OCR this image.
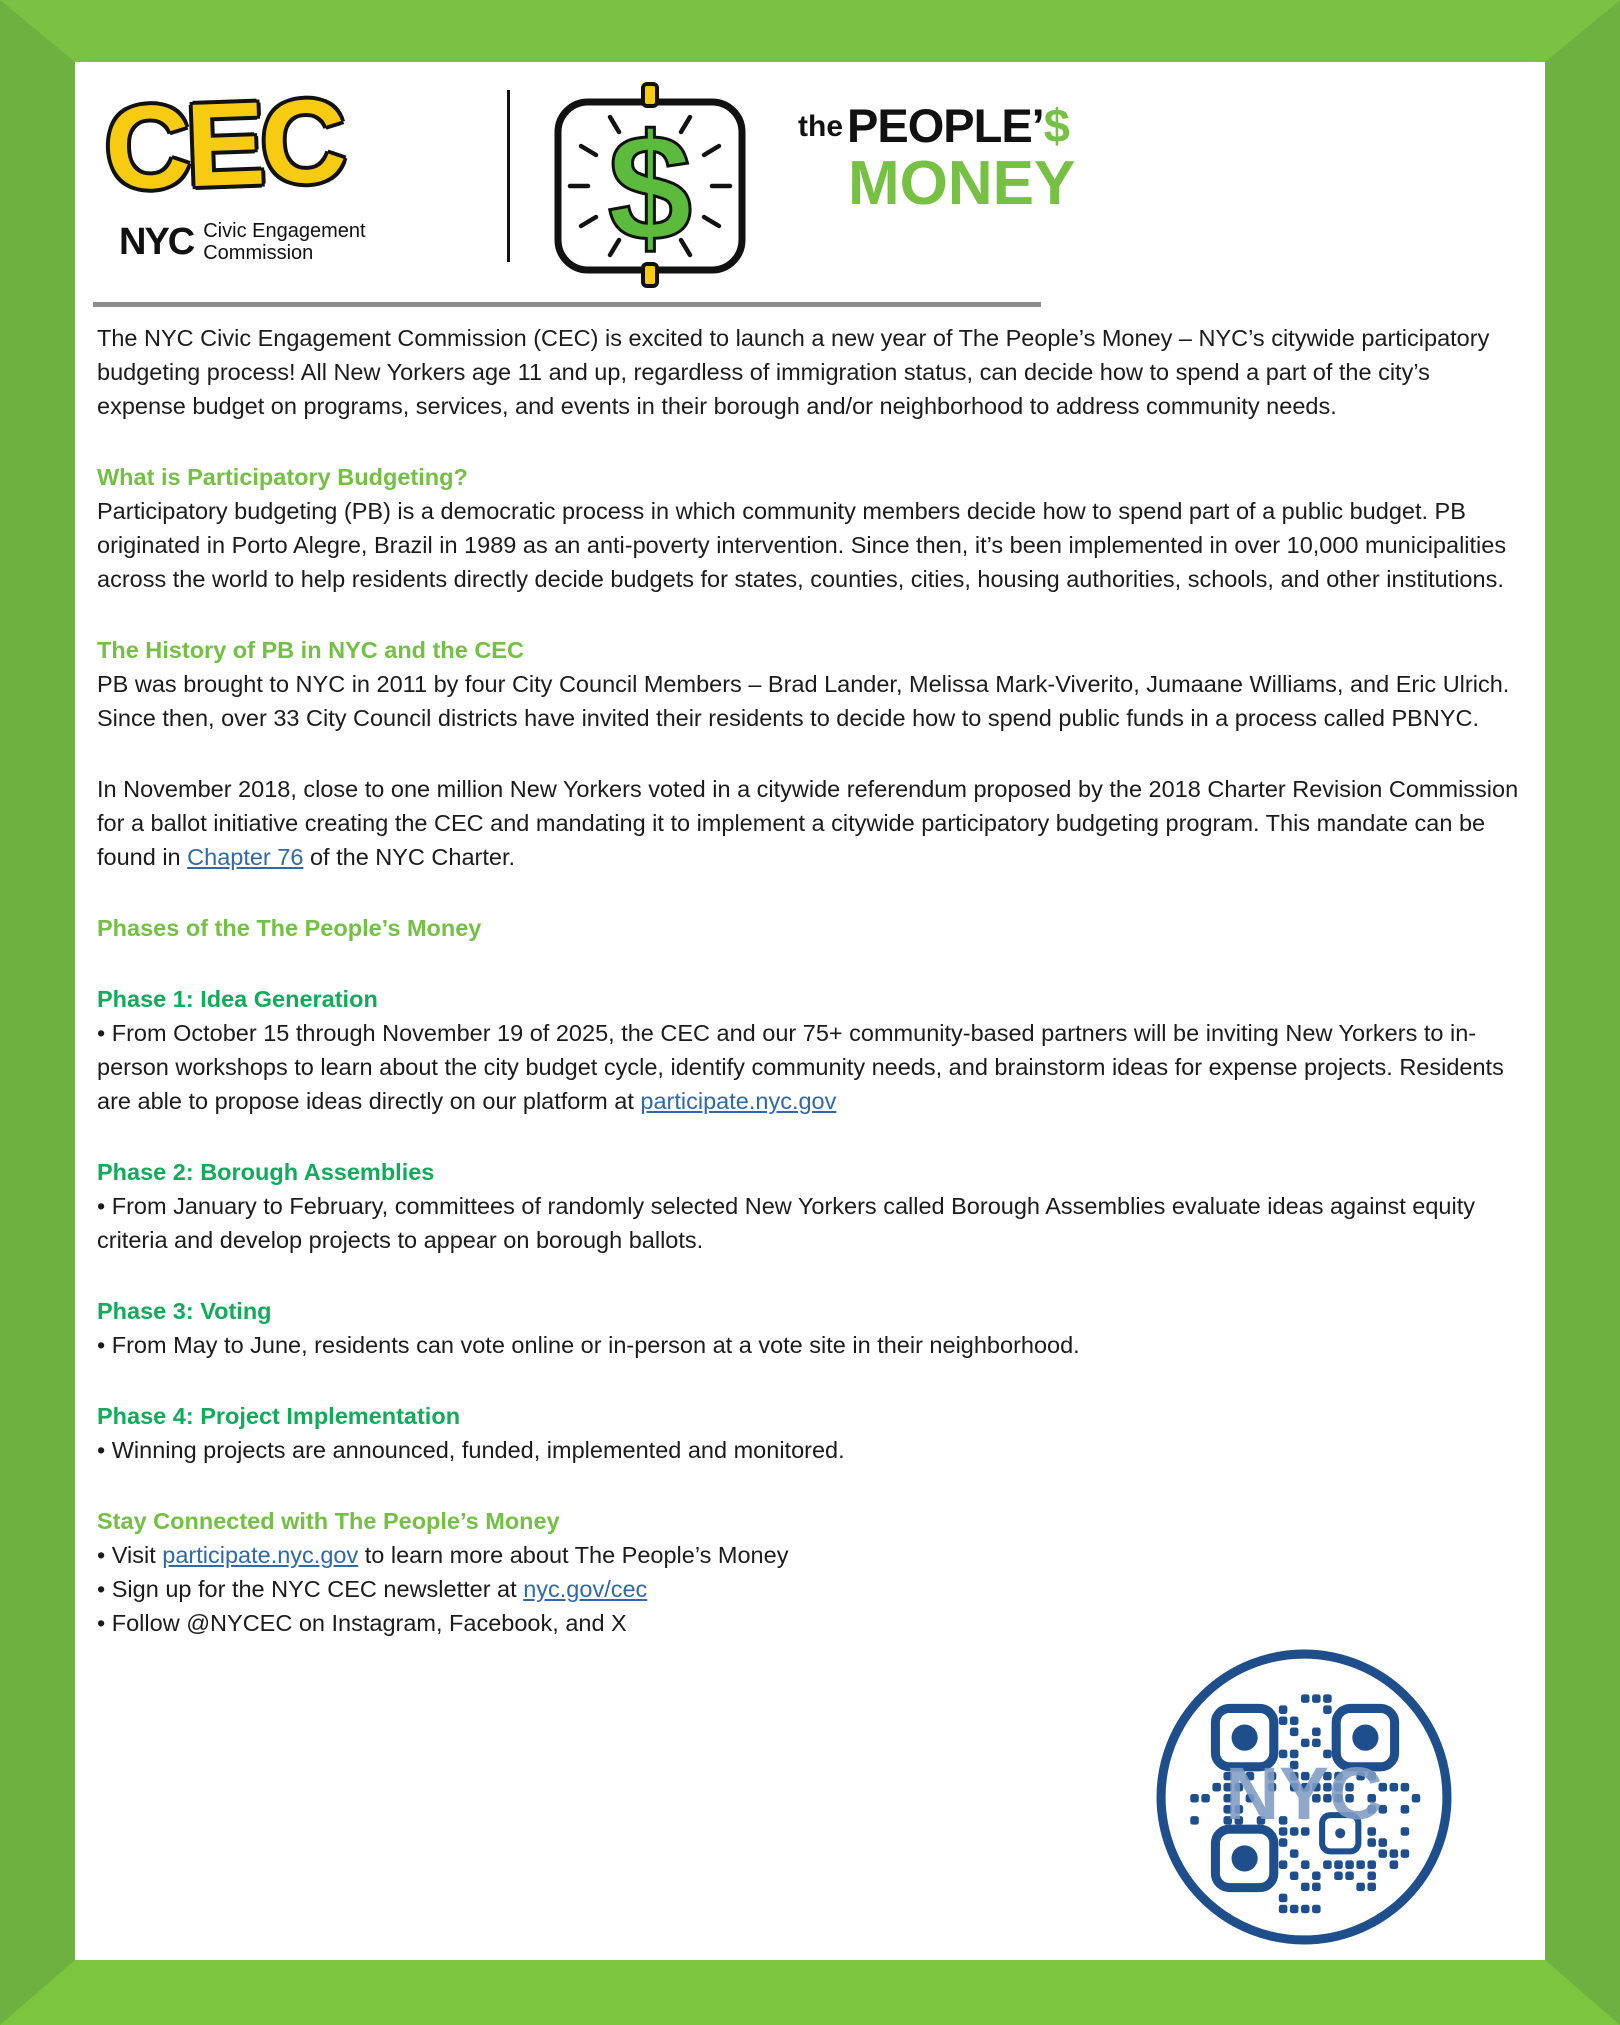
CEC
NYC Civic Engagement
Commission	$	thePEOPLE’$
MONEY

The NYC Civic Engagement Commission (CEC) is excited to launch a new year of The People’s Money – NYC’s citywide participatory budgeting process! All New Yorkers age 11 and up, regardless of immigration status, can decide how to spend a part of the city’s expense budget on programs, services, and events in their borough and/or neighborhood to address community needs.

What is Participatory Budgeting?

Participatory budgeting (PB) is a democratic process in which community members decide how to spend part of a public budget. PB originated in Porto Alegre, Brazil in 1989 as an anti-poverty intervention. Since then, it’s been implemented in over 10,000 municipalities across the world to help residents directly decide budgets for states, counties, cities, housing authorities, schools, and other institutions.

The History of PB in NYC and the CEC

PB was brought to NYC in 2011 by four City Council Members – Brad Lander, Melissa Mark-Viverito, Jumaane Williams, and Eric Ulrich. Since then, over 33 City Council districts have invited their residents to decide how to spend public funds in a process called PBNYC.

In November 2018, close to one million New Yorkers voted in a citywide referendum proposed by the 2018 Charter Revision Commission for a ballot initiative creating the CEC and mandating it to implement a citywide participatory budgeting program. This mandate can be found in Chapter 76 of the NYC Charter.

Phases of the The People’s Money

Phase 1: Idea Generation

• From October 15 through November 19 of 2025, the CEC and our 75+ community-based partners will be inviting New Yorkers to in-person workshops to learn about the city budget cycle, identify community needs, and brainstorm ideas for expense projects. Residents are able to propose ideas directly on our platform at participate.nyc.gov

Phase 2: Borough Assemblies

• From January to February, committees of randomly selected New Yorkers called Borough Assemblies evaluate ideas against equity criteria and develop projects to appear on borough ballots.

Phase 3: Voting

• From May to June, residents can vote online or in-person at a vote site in their neighborhood.

Phase 4: Project Implementation

• Winning projects are announced, funded, implemented and monitored.

Stay Connected with The People’s Money

• Visit participate.nyc.gov to learn more about The People’s Money

• Sign up for the NYC CEC newsletter at nyc.gov/cec

• Follow @NYCEC on Instagram, Facebook, and X

NYC
